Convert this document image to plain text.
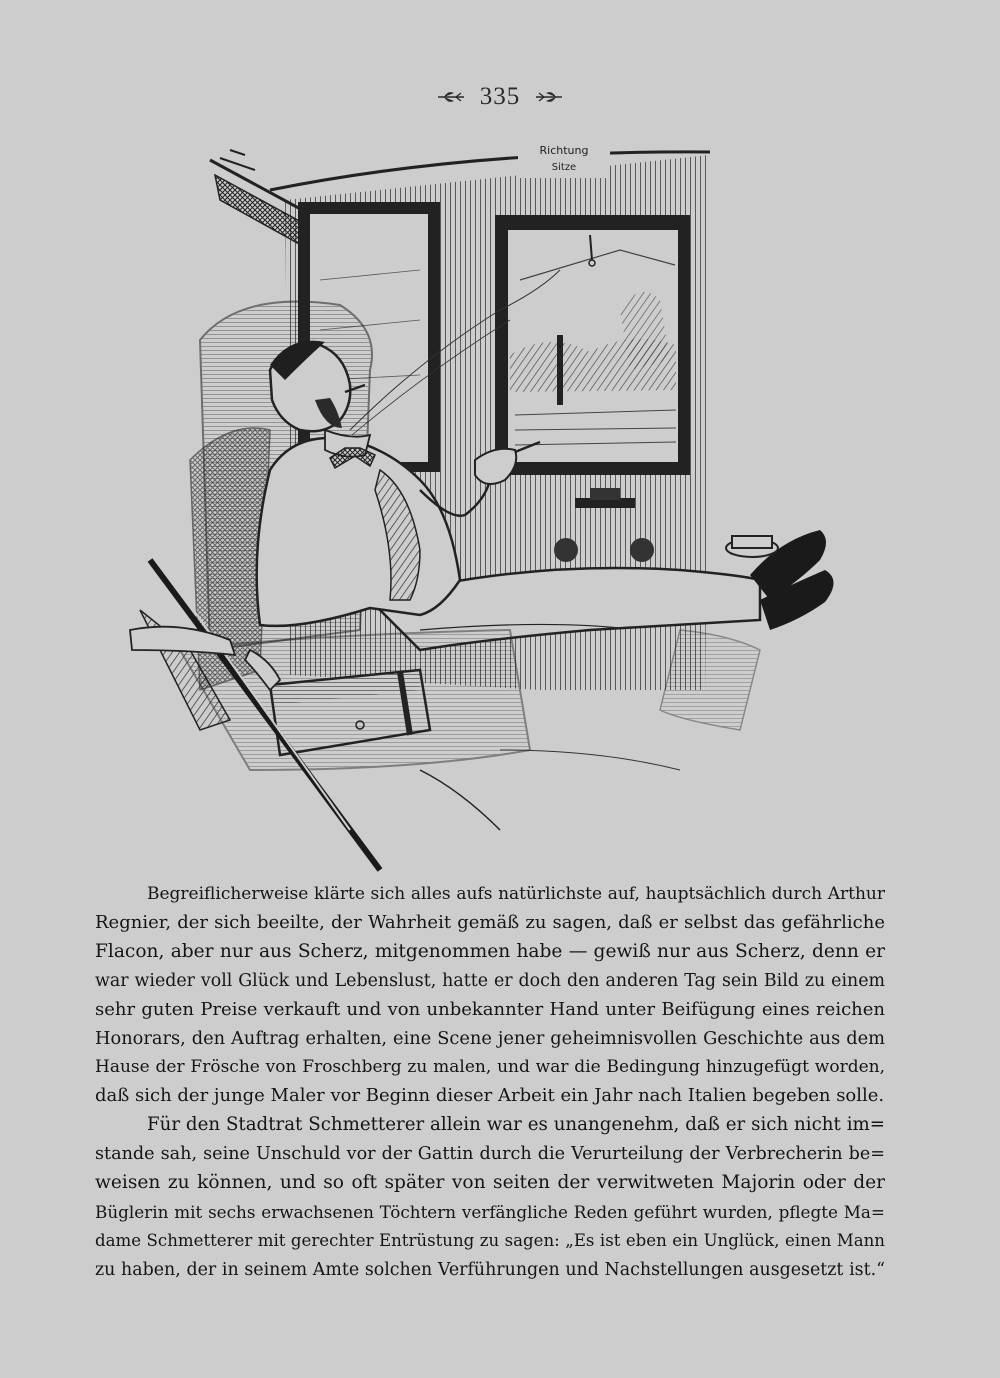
335
Richtung
Sitze
Begreiflicherweise klärte sich alles aufs natürlichste auf, hauptsächlich durch Arthur
Regnier, der sich beeilte, der Wahrheit gemäß zu sagen, daß er selbst das gefährliche
Flacon, aber nur aus Scherz, mitgenommen habe — gewiß nur aus Scherz, denn er
war wieder voll Glück und Lebenslust, hatte er doch den anderen Tag sein Bild zu einem
sehr guten Preise verkauft und von unbekannter Hand unter Beifügung eines reichen
Honorars, den Auftrag erhalten, eine Scene jener geheimnisvollen Geschichte aus dem
Hause der Frösche von Froschberg zu malen, und war die Bedingung hinzugefügt worden,
daß sich der junge Maler vor Beginn dieser Arbeit ein Jahr nach Italien begeben solle.
Für den Stadtrat Schmetterer allein war es unangenehm, daß er sich nicht im=
stande sah, seine Unschuld vor der Gattin durch die Verurteilung der Verbrecherin be=
weisen zu können, und so oft später von seiten der verwitweten Majorin oder der
Büglerin mit sechs erwachsenen Töchtern verfängliche Reden geführt wurden, pflegte Ma=
dame Schmetterer mit gerechter Entrüstung zu sagen: „Es ist eben ein Unglück, einen Mann
zu haben, der in seinem Amte solchen Verführungen und Nachstellungen ausgesetzt ist.“
